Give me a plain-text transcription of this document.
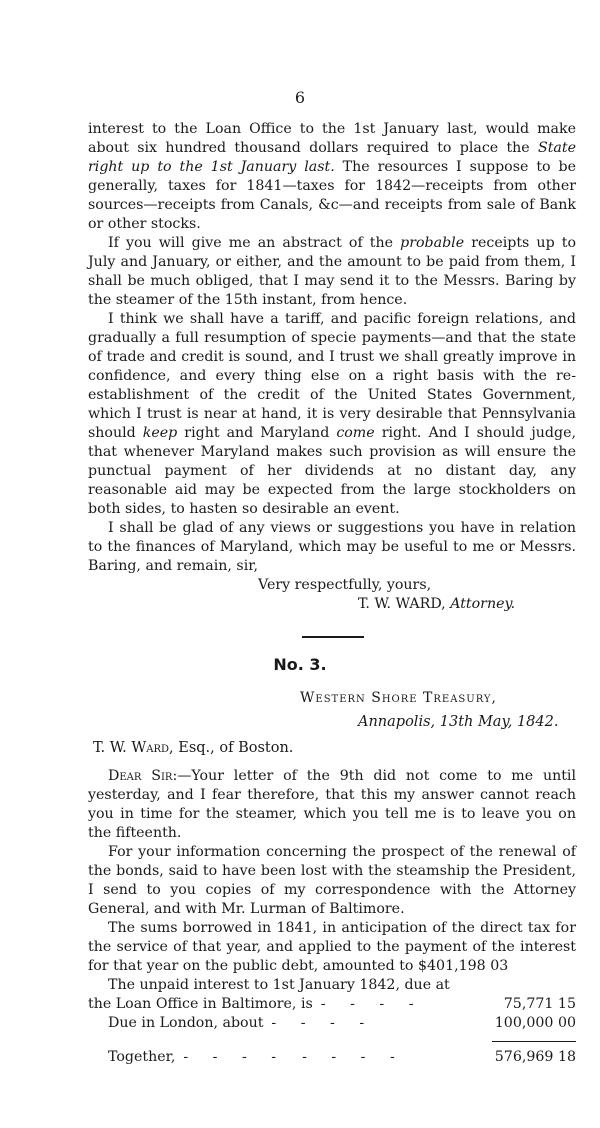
6

interest to the Loan Office to the 1st January last, would make about six hundred thousand dollars required to place the State right up to the 1st January last. The resources I suppose to be generally, taxes for 1841—taxes for 1842—receipts from other sources—receipts from Canals, &c—and receipts from sale of Bank or other stocks.

If you will give me an abstract of the probable receipts up to July and January, or either, and the amount to be paid from them, I shall be much obliged, that I may send it to the Messrs. Baring by the steamer of the 15th instant, from hence.

I think we shall have a tariff, and pacific foreign relations, and gradually a full resumption of specie payments—and that the state of trade and credit is sound, and I trust we shall greatly improve in confidence, and every thing else on a right basis with the re-establishment of the credit of the United States Government, which I trust is near at hand, it is very desirable that Pennsylvania should keep right and Maryland come right. And I should judge, that whenever Maryland makes such provision as will ensure the punctual payment of her dividends at no distant day, any reasonable aid may be expected from the large stockholders on both sides, to hasten so desirable an event.

I shall be glad of any views or suggestions you have in relation to the finances of Maryland, which may be useful to me or Messrs. Baring, and remain, sir,

Very respectfully, yours,
T. W. WARD, Attorney.
No. 3.
Western Shore Treasury,
Annapolis, 13th May, 1842.
T. W. Ward, Esq., of Boston.

Dear Sir:—Your letter of the 9th did not come to me until yesterday, and I fear therefore, that this my answer cannot reach you in time for the steamer, which you tell me is to leave you on the fifteenth.

For your information concerning the prospect of the renewal of the bonds, said to have been lost with the steamship the President, I send to you copies of my correspondence with the Attorney General, and with Mr. Lurman of Baltimore.

The sums borrowed in 1841, in anticipation of the direct tax for the service of that year, and applied to the payment of the interest for that year on the public debt, amounted to $401,198 03

The unpaid interest to 1st January 1842, due at

the Loan Office in Baltimore, is - - - -	75,771 15
Due in London, about - - - -	100,000 00
Together, - - - - - - - -	576,969 18
